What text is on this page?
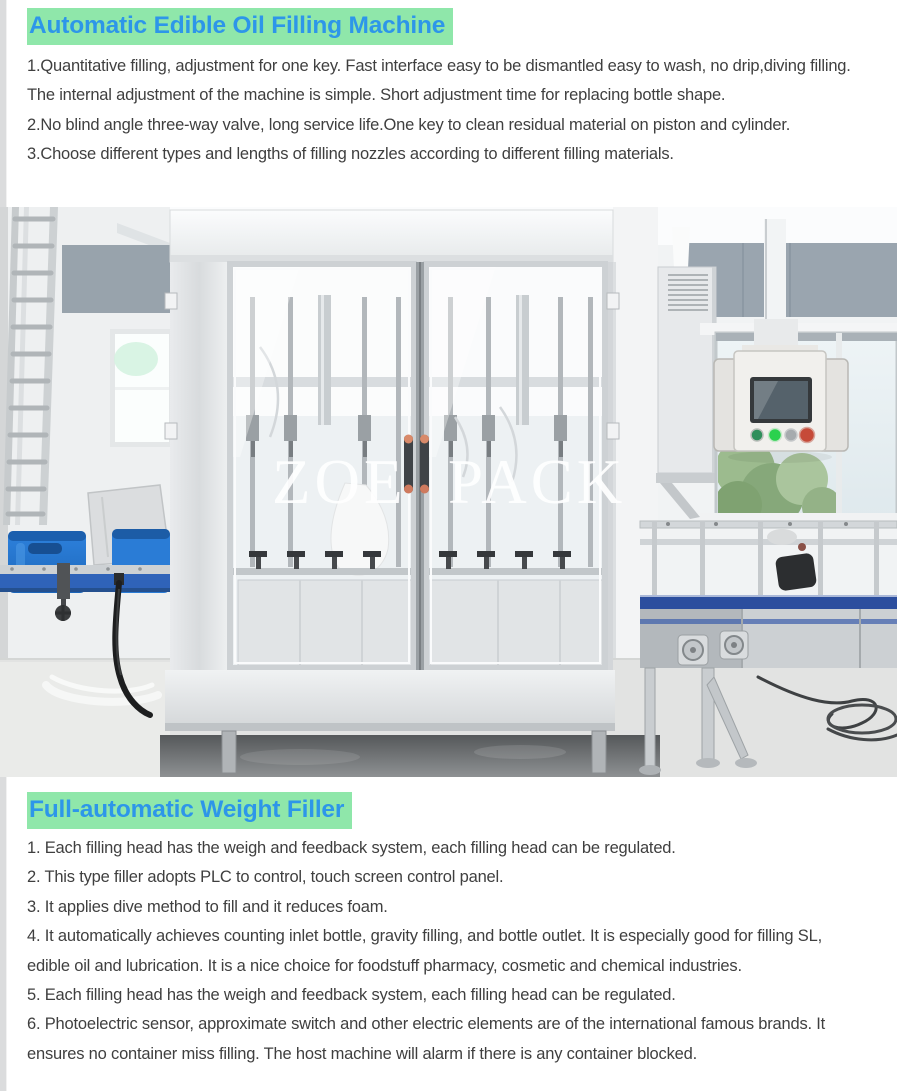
Automatic Edible Oil Filling Machine
1.Quantitative filling, adjustment for one key. Fast interface easy to be dismantled easy to wash, no drip,diving filling.
The internal adjustment of the machine is simple. Short adjustment time for replacing bottle shape.
2.No blind angle three-way valve, long service life.One key to clean residual material on piston and cylinder.
3.Choose different types and lengths of filling nozzles according to different filling materials.
ZOE PACK
Full-automatic Weight Filler
1. Each filling head has the weigh and feedback system, each filling head can be regulated.
2. This type filler adopts PLC to control, touch screen control panel.
3. It applies dive method to fill and it reduces foam.
4. It automatically achieves counting inlet bottle, gravity filling, and bottle outlet. It is especially good for filling SL,
edible oil and lubrication. It is a nice choice for foodstuff pharmacy, cosmetic and chemical industries.
5. Each filling head has the weigh and feedback system, each filling head can be regulated.
6. Photoelectric sensor, approximate switch and other electric elements are of the international famous brands. It
ensures no container miss filling. The host machine will alarm if there is any container blocked.
